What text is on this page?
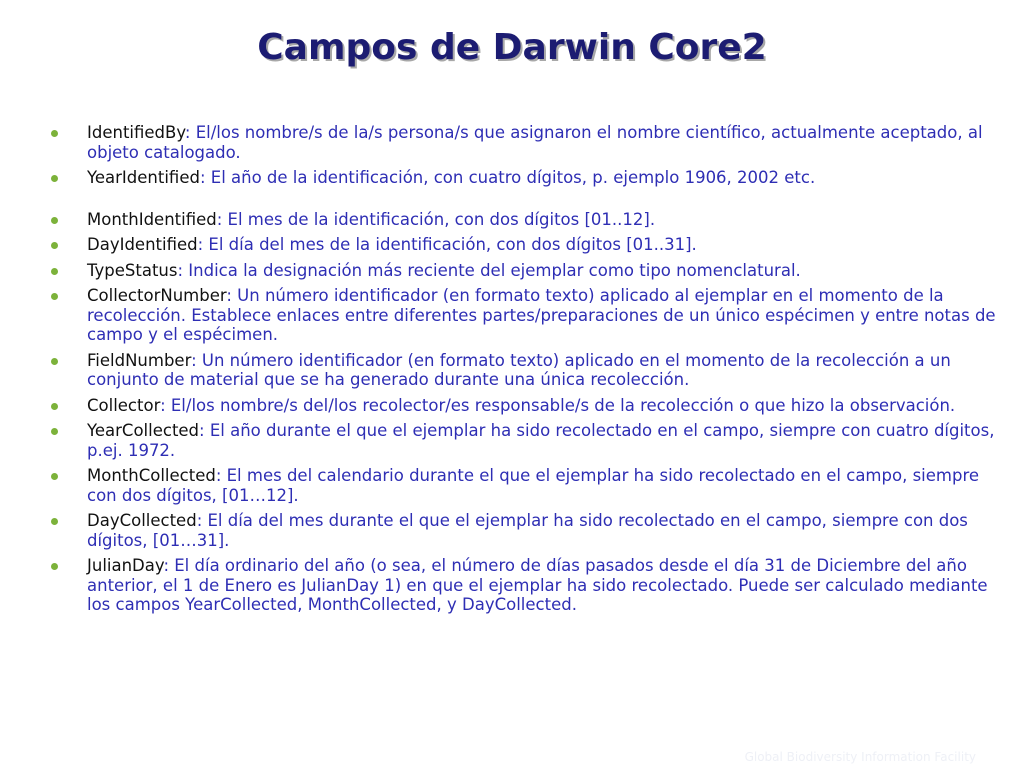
Campos de Darwin Core2
IdentifiedBy: El/los nombre/s de la/s persona/s que asignaron el nombre científico, actualmente aceptado, al objeto catalogado.
YearIdentified: El año de la identificación, con cuatro dígitos, p. ejemplo 1906, 2002 etc.
MonthIdentified: El mes de la identificación, con dos dígitos [01..12].
DayIdentified: El día del mes de la identificación, con dos dígitos [01..31].
TypeStatus: Indica la designación más reciente del ejemplar como tipo nomenclatural.
CollectorNumber: Un número identificador (en formato texto) aplicado al ejemplar en el momento de la recolección. Establece enlaces entre diferentes partes/preparaciones de un único espécimen y entre notas de campo y el espécimen.
FieldNumber: Un número identificador (en formato texto) aplicado en el momento de la recolección a un conjunto de material que se ha generado durante una única recolección.
Collector: El/los nombre/s del/los recolector/es responsable/s de la recolección o que hizo la observación.
YearCollected: El año durante el que el ejemplar ha sido recolectado en el campo, siempre con cuatro dígitos, p.ej. 1972.
MonthCollected: El mes del calendario durante el que el ejemplar ha sido recolectado en el campo, siempre con dos dígitos, [01…12].
DayCollected: El día del mes durante el que el ejemplar ha sido recolectado en el campo, siempre con dos dígitos, [01…31].
JulianDay: El día ordinario del año (o sea, el número de días pasados desde el día 31 de Diciembre del año anterior, el 1 de Enero es JulianDay 1) en que el ejemplar ha sido recolectado. Puede ser calculado mediante los campos YearCollected, MonthCollected, y DayCollected.
Global Biodiversity Information Facility
